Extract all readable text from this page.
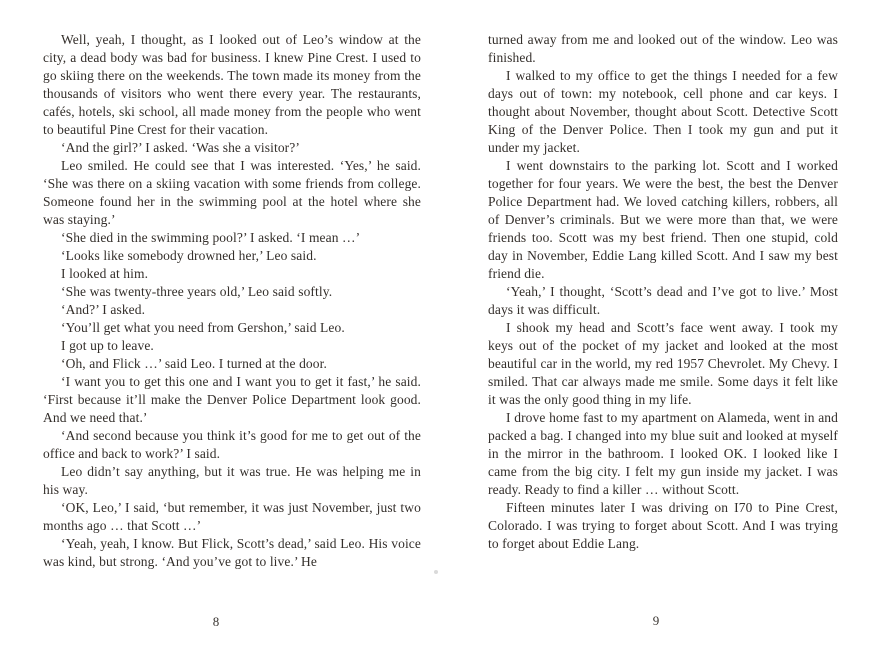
Well, yeah, I thought, as I looked out of Leo’s window at the city, a dead body was bad for business. I knew Pine Crest. I used to go skiing there on the weekends. The town made its money from the thousands of visitors who went there every year. The restaurants, cafés, hotels, ski school, all made money from the people who went to beautiful Pine Crest for their vacation.

‘And the girl?’ I asked. ‘Was she a visitor?’

Leo smiled. He could see that I was interested. ‘Yes,’ he said. ‘She was there on a skiing vacation with some friends from college. Someone found her in the swimming pool at the hotel where she was staying.’

‘She died in the swimming pool?’ I asked. ‘I mean …’

‘Looks like somebody drowned her,’ Leo said.

I looked at him.

‘She was twenty-three years old,’ Leo said softly.

‘And?’ I asked.

‘You’ll get what you need from Gershon,’ said Leo.

I got up to leave.

‘Oh, and Flick …’ said Leo. I turned at the door.

‘I want you to get this one and I want you to get it fast,’ he said. ‘First because it’ll make the Denver Police Department look good. And we need that.’

‘And second because you think it’s good for me to get out of the office and back to work?’ I said.

Leo didn’t say anything, but it was true. He was helping me in his way.

‘OK, Leo,’ I said, ‘but remember, it was just November, just two months ago … that Scott …’

‘Yeah, yeah, I know. But Flick, Scott’s dead,’ said Leo. His voice was kind, but strong. ‘And you’ve got to live.’ He

turned away from me and looked out of the window. Leo was finished.

I walked to my office to get the things I needed for a few days out of town: my notebook, cell phone and car keys. I thought about November, thought about Scott. Detective Scott King of the Denver Police. Then I took my gun and put it under my jacket.

I went downstairs to the parking lot. Scott and I worked together for four years. We were the best, the best the Denver Police Department had. We loved catching killers, robbers, all of Denver’s criminals. But we were more than that, we were friends too. Scott was my best friend. Then one stupid, cold day in November, Eddie Lang killed Scott. And I saw my best friend die.

‘Yeah,’ I thought, ‘Scott’s dead and I’ve got to live.’ Most days it was difficult.

I shook my head and Scott’s face went away. I took my keys out of the pocket of my jacket and looked at the most beautiful car in the world, my red 1957 Chevrolet. My Chevy. I smiled. That car always made me smile. Some days it felt like it was the only good thing in my life.

I drove home fast to my apartment on Alameda, went in and packed a bag. I changed into my blue suit and looked at myself in the mirror in the bathroom. I looked OK. I looked like I came from the big city. I felt my gun inside my jacket. I was ready. Ready to find a killer … without Scott.

Fifteen minutes later I was driving on I70 to Pine Crest, Colorado. I was trying to forget about Scott. And I was trying to forget about Eddie Lang.

8	9
